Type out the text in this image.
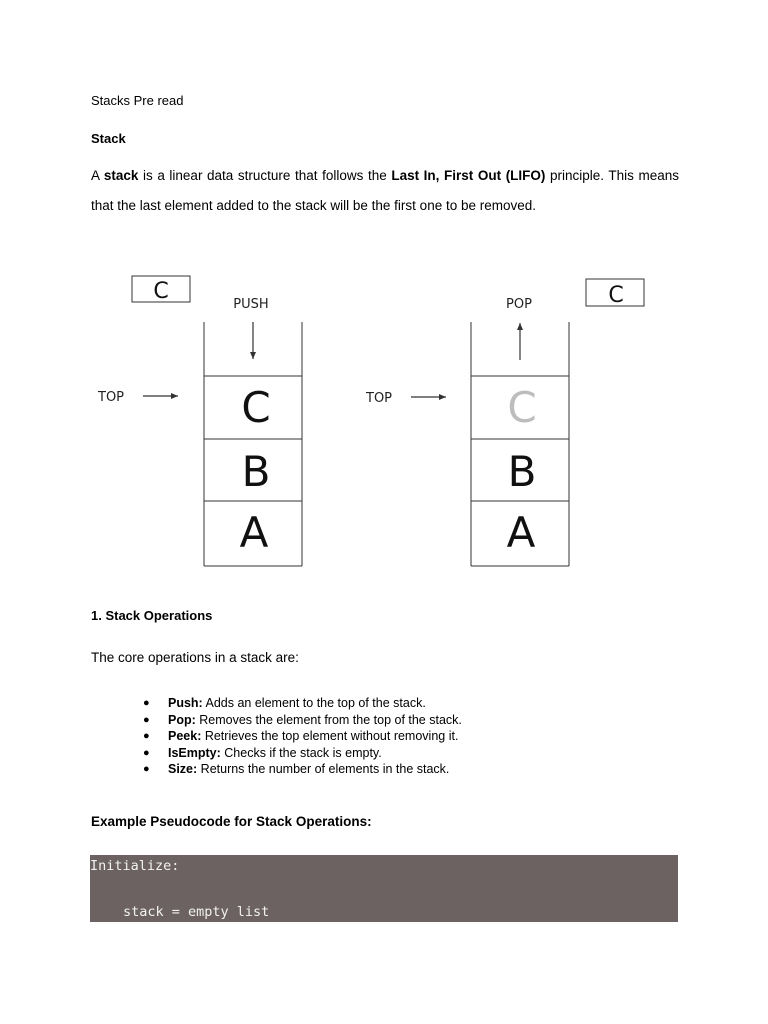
Stacks Pre read
Stack
A stack is a linear data structure that follows the Last In, First Out (LIFO) principle. This means that the last element added to the stack will be the first one to be removed.
C
PUSH
C
B
A
TOP
C
POP
C
B
A
TOP
1. Stack Operations
The core operations in a stack are:
● Push: Adds an element to the top of the stack.
● Pop: Removes the element from the top of the stack.
● Peek: Retrieves the top element without removing it.
● IsEmpty: Checks if the stack is empty.
● Size: Returns the number of elements in the stack.
Example Pseudocode for Stack Operations:
Initialize:
stack = empty list
